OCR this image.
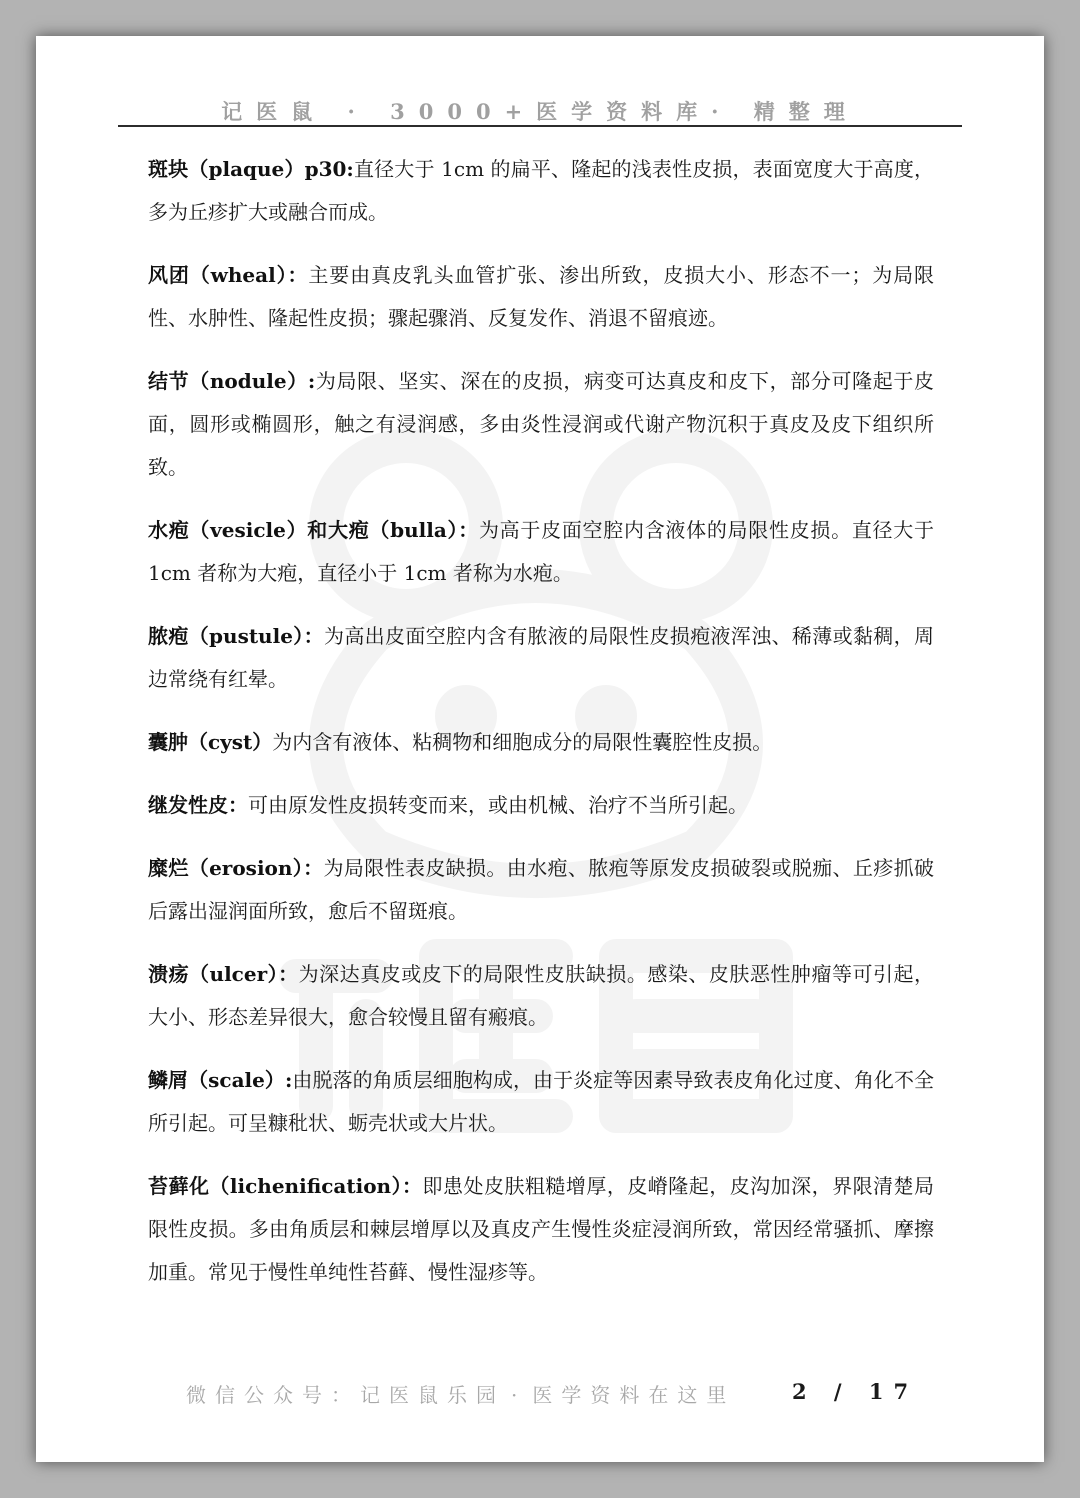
记医鼠 · 3000+医学资料库· 精整理

斑块（plaque）p30:直径大于 1cm 的扁平、隆起的浅表性皮损，表面宽度大于高度，多为丘疹扩大或融合而成。

风团（wheal）：主要由真皮乳头血管扩张、渗出所致，皮损大小、形态不一；为局限性、水肿性、隆起性皮损；骤起骤消、反复发作、消退不留痕迹。

结节（nodule）:为局限、坚实、深在的皮损，病变可达真皮和皮下，部分可隆起于皮面，圆形或椭圆形，触之有浸润感，多由炎性浸润或代谢产物沉积于真皮及皮下组织所致。

水疱（vesicle）和大疱（bulla）：为高于皮面空腔内含液体的局限性皮损。直径大于 1cm 者称为大疱，直径小于 1cm 者称为水疱。

脓疱（pustule）：为高出皮面空腔内含有脓液的局限性皮损疱液浑浊、稀薄或黏稠，周边常绕有红晕。

囊肿（cyst）为内含有液体、粘稠物和细胞成分的局限性囊腔性皮损。

继发性皮：可由原发性皮损转变而来，或由机械、治疗不当所引起。

糜烂（erosion）：为局限性表皮缺损。由水疱、脓疱等原发皮损破裂或脱痂、丘疹抓破后露出湿润面所致，愈后不留斑痕。

溃疡（ulcer）：为深达真皮或皮下的局限性皮肤缺损。感染、皮肤恶性肿瘤等可引起，大小、形态差异很大，愈合较慢且留有瘢痕。

鳞屑（scale）:由脱落的角质层细胞构成，由于炎症等因素导致表皮角化过度、角化不全所引起。可呈糠秕状、蛎壳状或大片状。

苔藓化（lichenification）：即患处皮肤粗糙增厚，皮嵴隆起，皮沟加深，界限清楚局限性皮损。多由角质层和棘层增厚以及真皮产生慢性炎症浸润所致，常因经常骚抓、摩擦加重。常见于慢性单纯性苔藓、慢性湿疹等。

微信公众号：记医鼠乐园 · 医学资料在这里	2 / 17
